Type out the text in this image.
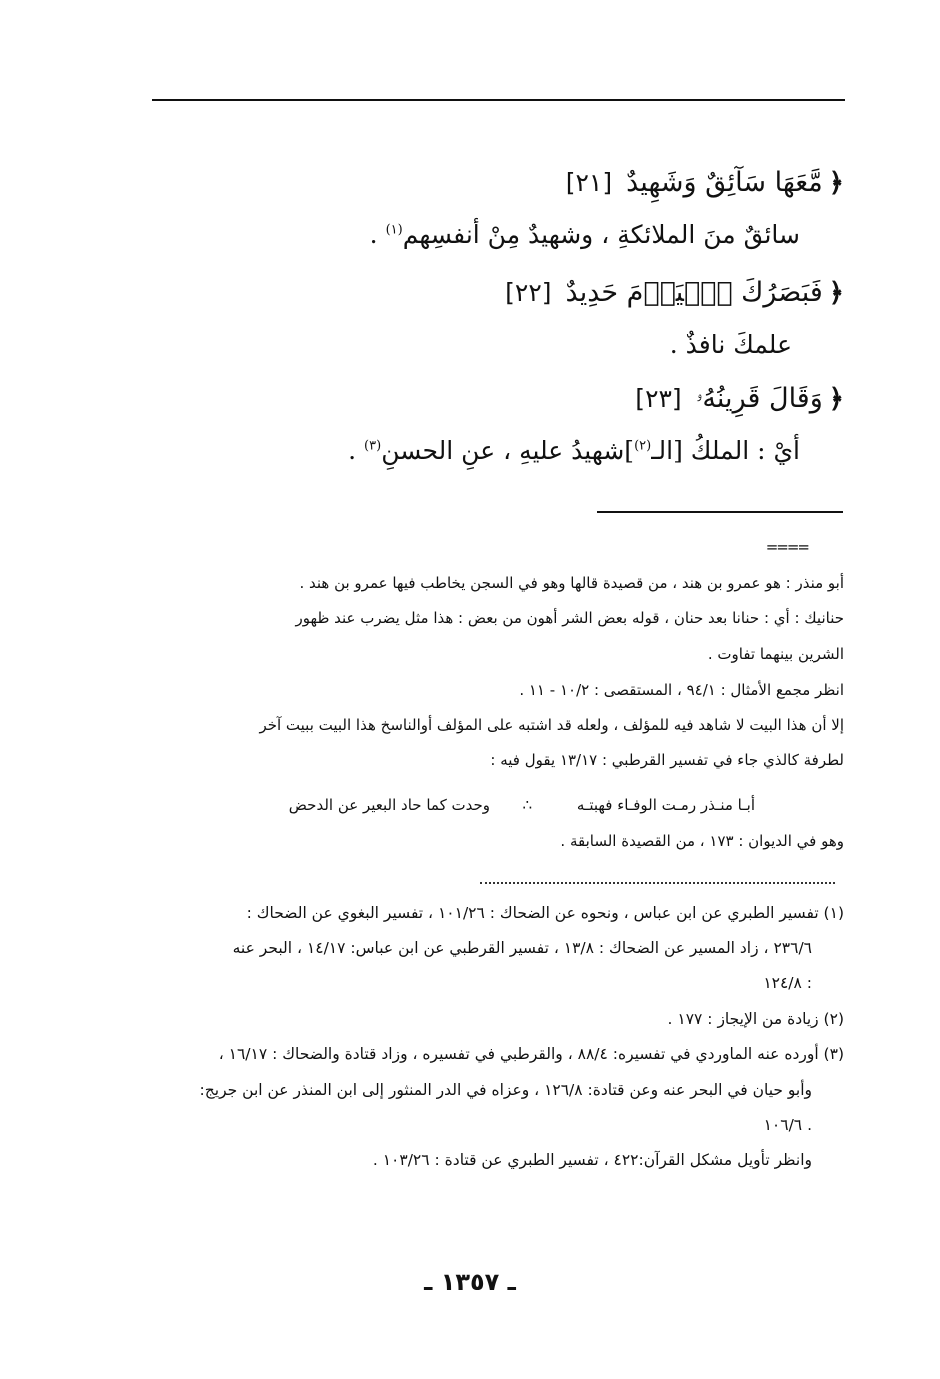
﴿مَّعَهَا سَآئِقٌ وَشَهِيدٌ[٢١]
سائقٌ منَ الملائكةِ ، وشهيدٌ مِنْ أنفسِهم$^{(١)}$ .
﴿فَبَصَرُكَ ٱلۡيَوۡمَ حَدِيدٌ[٢٢]
علمكَ نافذٌ .
﴿وَقَالَ قَرِينُهُۥ[٢٣]
أيْ : الملكُ [الـ$^{(٢)}$]شهيدُ عليهِ ، عنِ الحسنِ$^{(٣)}$ .
====
أبو منذر : هو عمرو بن هند ، من قصيدة قالها وهو في السجن يخاطب فيها عمرو بن هند .
حنانيك : أي : حنانا بعد حنان ، قوله بعض الشر أهون من بعض : هذا مثل يضرب عند ظهور
الشرين بينهما تفاوت .
انظر مجمع الأمثال : ٩٤/١ ، المستقصى : ١٠/٢ - ١١ .
إلا أن هذا البيت لا شاهد فيه للمؤلف ، ولعله قد اشتبه على المؤلف أوالناسخ هذا البيت ببيت آخر
لطرفة كالذي جاء في تفسير القرطبي : ١٣/١٧ يقول فيه :
أبـا منـذر رمـت الوفـاء فهبتـه
∴
وحدت كما حاد البعير عن الدحض
وهو في الديوان : ١٧٣ ، من القصيدة السابقة .
(١) تفسير الطبري عن ابن عباس ، ونحوه عن الضحاك : ١٠١/٢٦ ، تفسير البغوي عن الضحاك :
٢٣٦/٦ ، زاد المسير عن الضحاك : ١٣/٨ ، تفسير القرطبي عن ابن عباس: ١٤/١٧ ، البحر عنه
١٢٤/٨ :
(٢) زيادة من الإيجاز : ١٧٧ .
(٣) أورده عنه الماوردي في تفسيره: ٨٨/٤ ، والقرطبي في تفسيره ، وزاد قتادة والضحاك : ١٦/١٧ ،
وأبو حيان في البحر عنه وعن قتادة: ١٢٦/٨ ، وعزاه في الدر المنثور إلى ابن المنذر عن ابن جريج:
١٠٦/٦ .
وانظر تأويل مشكل القرآن:٤٢٢ ، تفسير الطبري عن قتادة : ١٠٣/٢٦ .
ـ ١٣٥٧ ـ
